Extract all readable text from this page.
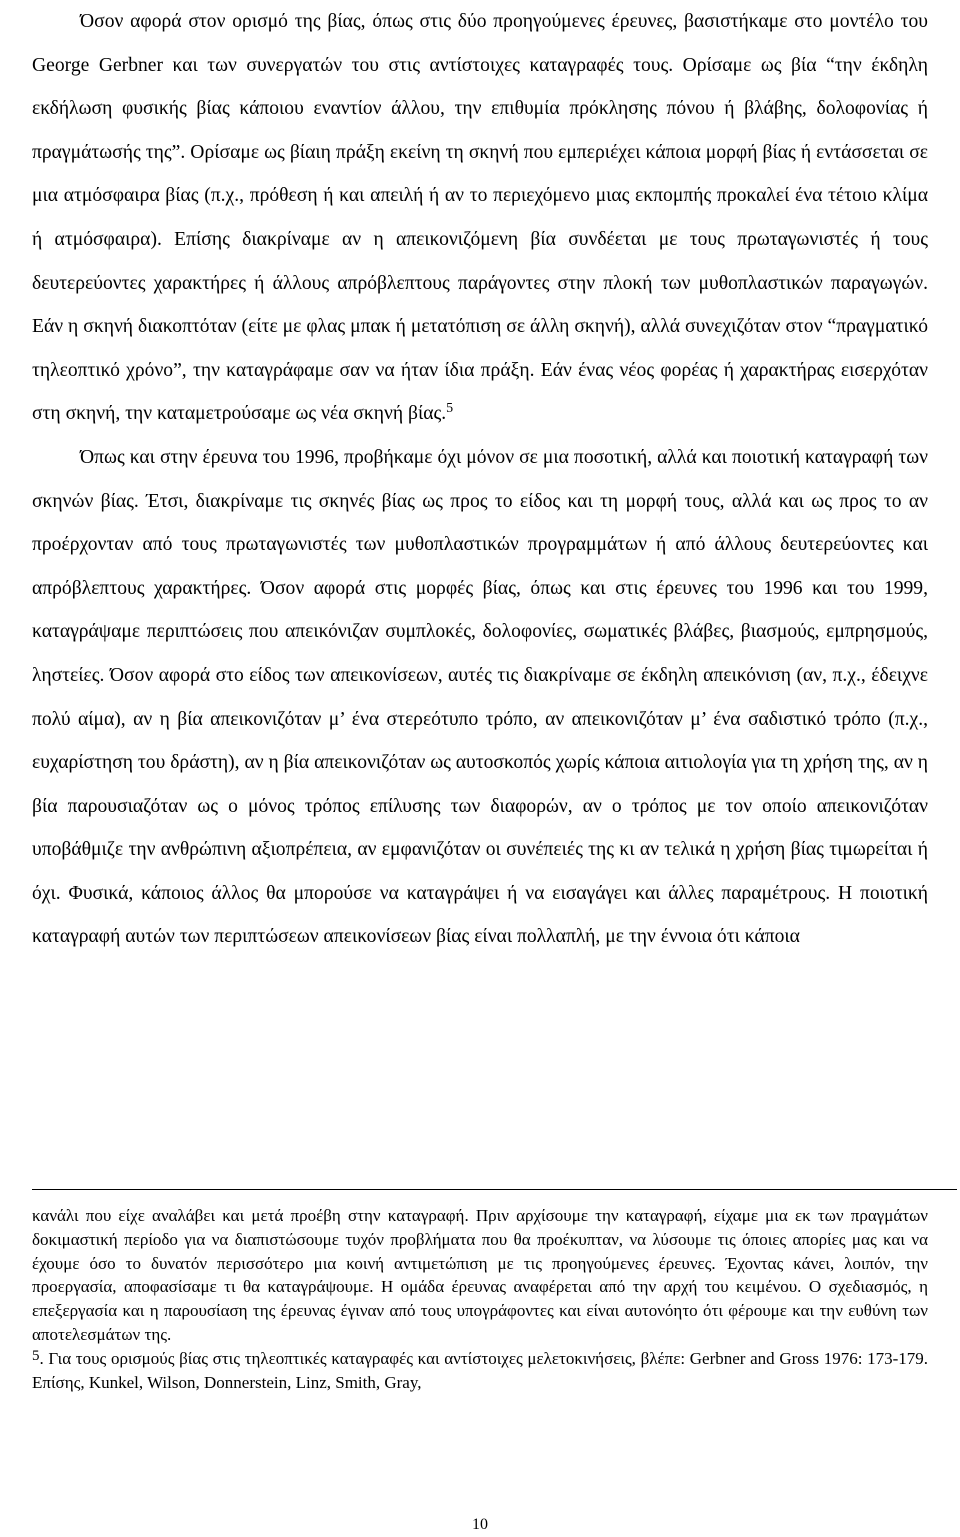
Όσον αφορά στον ορισμό της βίας, όπως στις δύο προηγούμενες έρευνες, βασιστήκαμε στο μοντέλο του George Gerbner και των συνεργατών του στις αντίστοιχες καταγραφές τους. Ορίσαμε ως βία “την έκδηλη εκδήλωση φυσικής βίας κάποιου εναντίον άλλου, την επιθυμία πρόκλησης πόνου ή βλάβης, δολοφονίας ή πραγμάτωσής της”. Ορίσαμε ως βίαιη πράξη εκείνη τη σκηνή που εμπεριέχει κάποια μορφή βίας ή εντάσσεται σε μια ατμόσφαιρα βίας (π.χ., πρόθεση ή και απειλή ή αν το περιεχόμενο μιας εκπομπής προκαλεί ένα τέτοιο κλίμα ή ατμόσφαιρα). Επίσης διακρίναμε αν η απεικονιζόμενη βία συνδέεται με τους πρωταγωνιστές ή τους δευτερεύοντες χαρακτήρες ή άλλους απρόβλεπτους παράγοντες στην πλοκή των μυθοπλαστικών παραγωγών. Εάν η σκηνή διακοπτόταν (είτε με φλας μπακ ή μετατόπιση σε άλλη σκηνή), αλλά συνεχιζόταν στον “πραγματικό τηλεοπτικό χρόνο”, την καταγράφαμε σαν να ήταν ίδια πράξη. Εάν ένας νέος φορέας ή χαρακτήρας εισερχόταν στη σκηνή, την καταμετρούσαμε ως νέα σκηνή βίας.$^5$

Όπως και στην έρευνα του 1996, προβήκαμε όχι μόνον σε μια ποσοτική, αλλά και ποιοτική καταγραφή των σκηνών βίας. Έτσι, διακρίναμε τις σκηνές βίας ως προς το είδος και τη μορφή τους, αλλά και ως προς το αν προέρχονταν από τους πρωταγωνιστές των μυθοπλαστικών προγραμμάτων ή από άλλους δευτερεύοντες και απρόβλεπτους χαρακτήρες. Όσον αφορά στις μορφές βίας, όπως και στις έρευνες του 1996 και του 1999, καταγράψαμε περιπτώσεις που απεικόνιζαν συμπλοκές, δολοφονίες, σωματικές βλάβες, βιασμούς, εμπρησμούς, ληστείες. Όσον αφορά στο είδος των απεικονίσεων, αυτές τις διακρίναμε σε έκδηλη απεικόνιση (αν, π.χ., έδειχνε πολύ αίμα), αν η βία απεικονιζόταν μ’ ένα στερεότυπο τρόπο, αν απεικονιζόταν μ’ ένα σαδιστικό τρόπο (π.χ., ευχαρίστηση του δράστη), αν η βία απεικονιζόταν ως αυτοσκοπός χωρίς κάποια αιτιολογία για τη χρήση της, αν η βία παρουσιαζόταν ως ο μόνος τρόπος επίλυσης των διαφορών, αν ο τρόπος με τον οποίο απεικονιζόταν υποβάθμιζε την ανθρώπινη αξιοπρέπεια, αν εμφανιζόταν οι συνέπειές της κι αν τελικά η χρήση βίας τιμωρείται ή όχι. Φυσικά, κάποιος άλλος θα μπορούσε να καταγράψει ή να εισαγάγει και άλλες παραμέτρους. Η ποιοτική καταγραφή αυτών των περιπτώσεων απεικονίσεων βίας είναι πολλαπλή, με την έννοια ότι κάποια

κανάλι που είχε αναλάβει και μετά προέβη στην καταγραφή. Πριν αρχίσουμε την καταγραφή, είχαμε μια εκ των πραγμάτων δοκιμαστική περίοδο για να διαπιστώσουμε τυχόν προβλήματα που θα προέκυπταν, να λύσουμε τις όποιες απορίες μας και να έχουμε όσο το δυνατόν περισσότερο μια κοινή αντιμετώπιση με τις προηγούμενες έρευνες. Έχοντας κάνει, λοιπόν, την προεργασία, αποφασίσαμε τι θα καταγράψουμε. Η ομάδα έρευνας αναφέρεται από την αρχή του κειμένου. Ο σχεδιασμός, η επεξεργασία και η παρουσίαση της έρευνας έγιναν από τους υπογράφοντες και είναι αυτονόητο ότι φέρουμε και την ευθύνη των αποτελεσμάτων της.

5. Για τους ορισμούς βίας στις τηλεοπτικές καταγραφές και αντίστοιχες μελετοκινήσεις, βλέπε: Gerbner and Gross 1976: 173-179. Επίσης, Kunkel, Wilson, Donnerstein, Linz, Smith, Gray,

10
